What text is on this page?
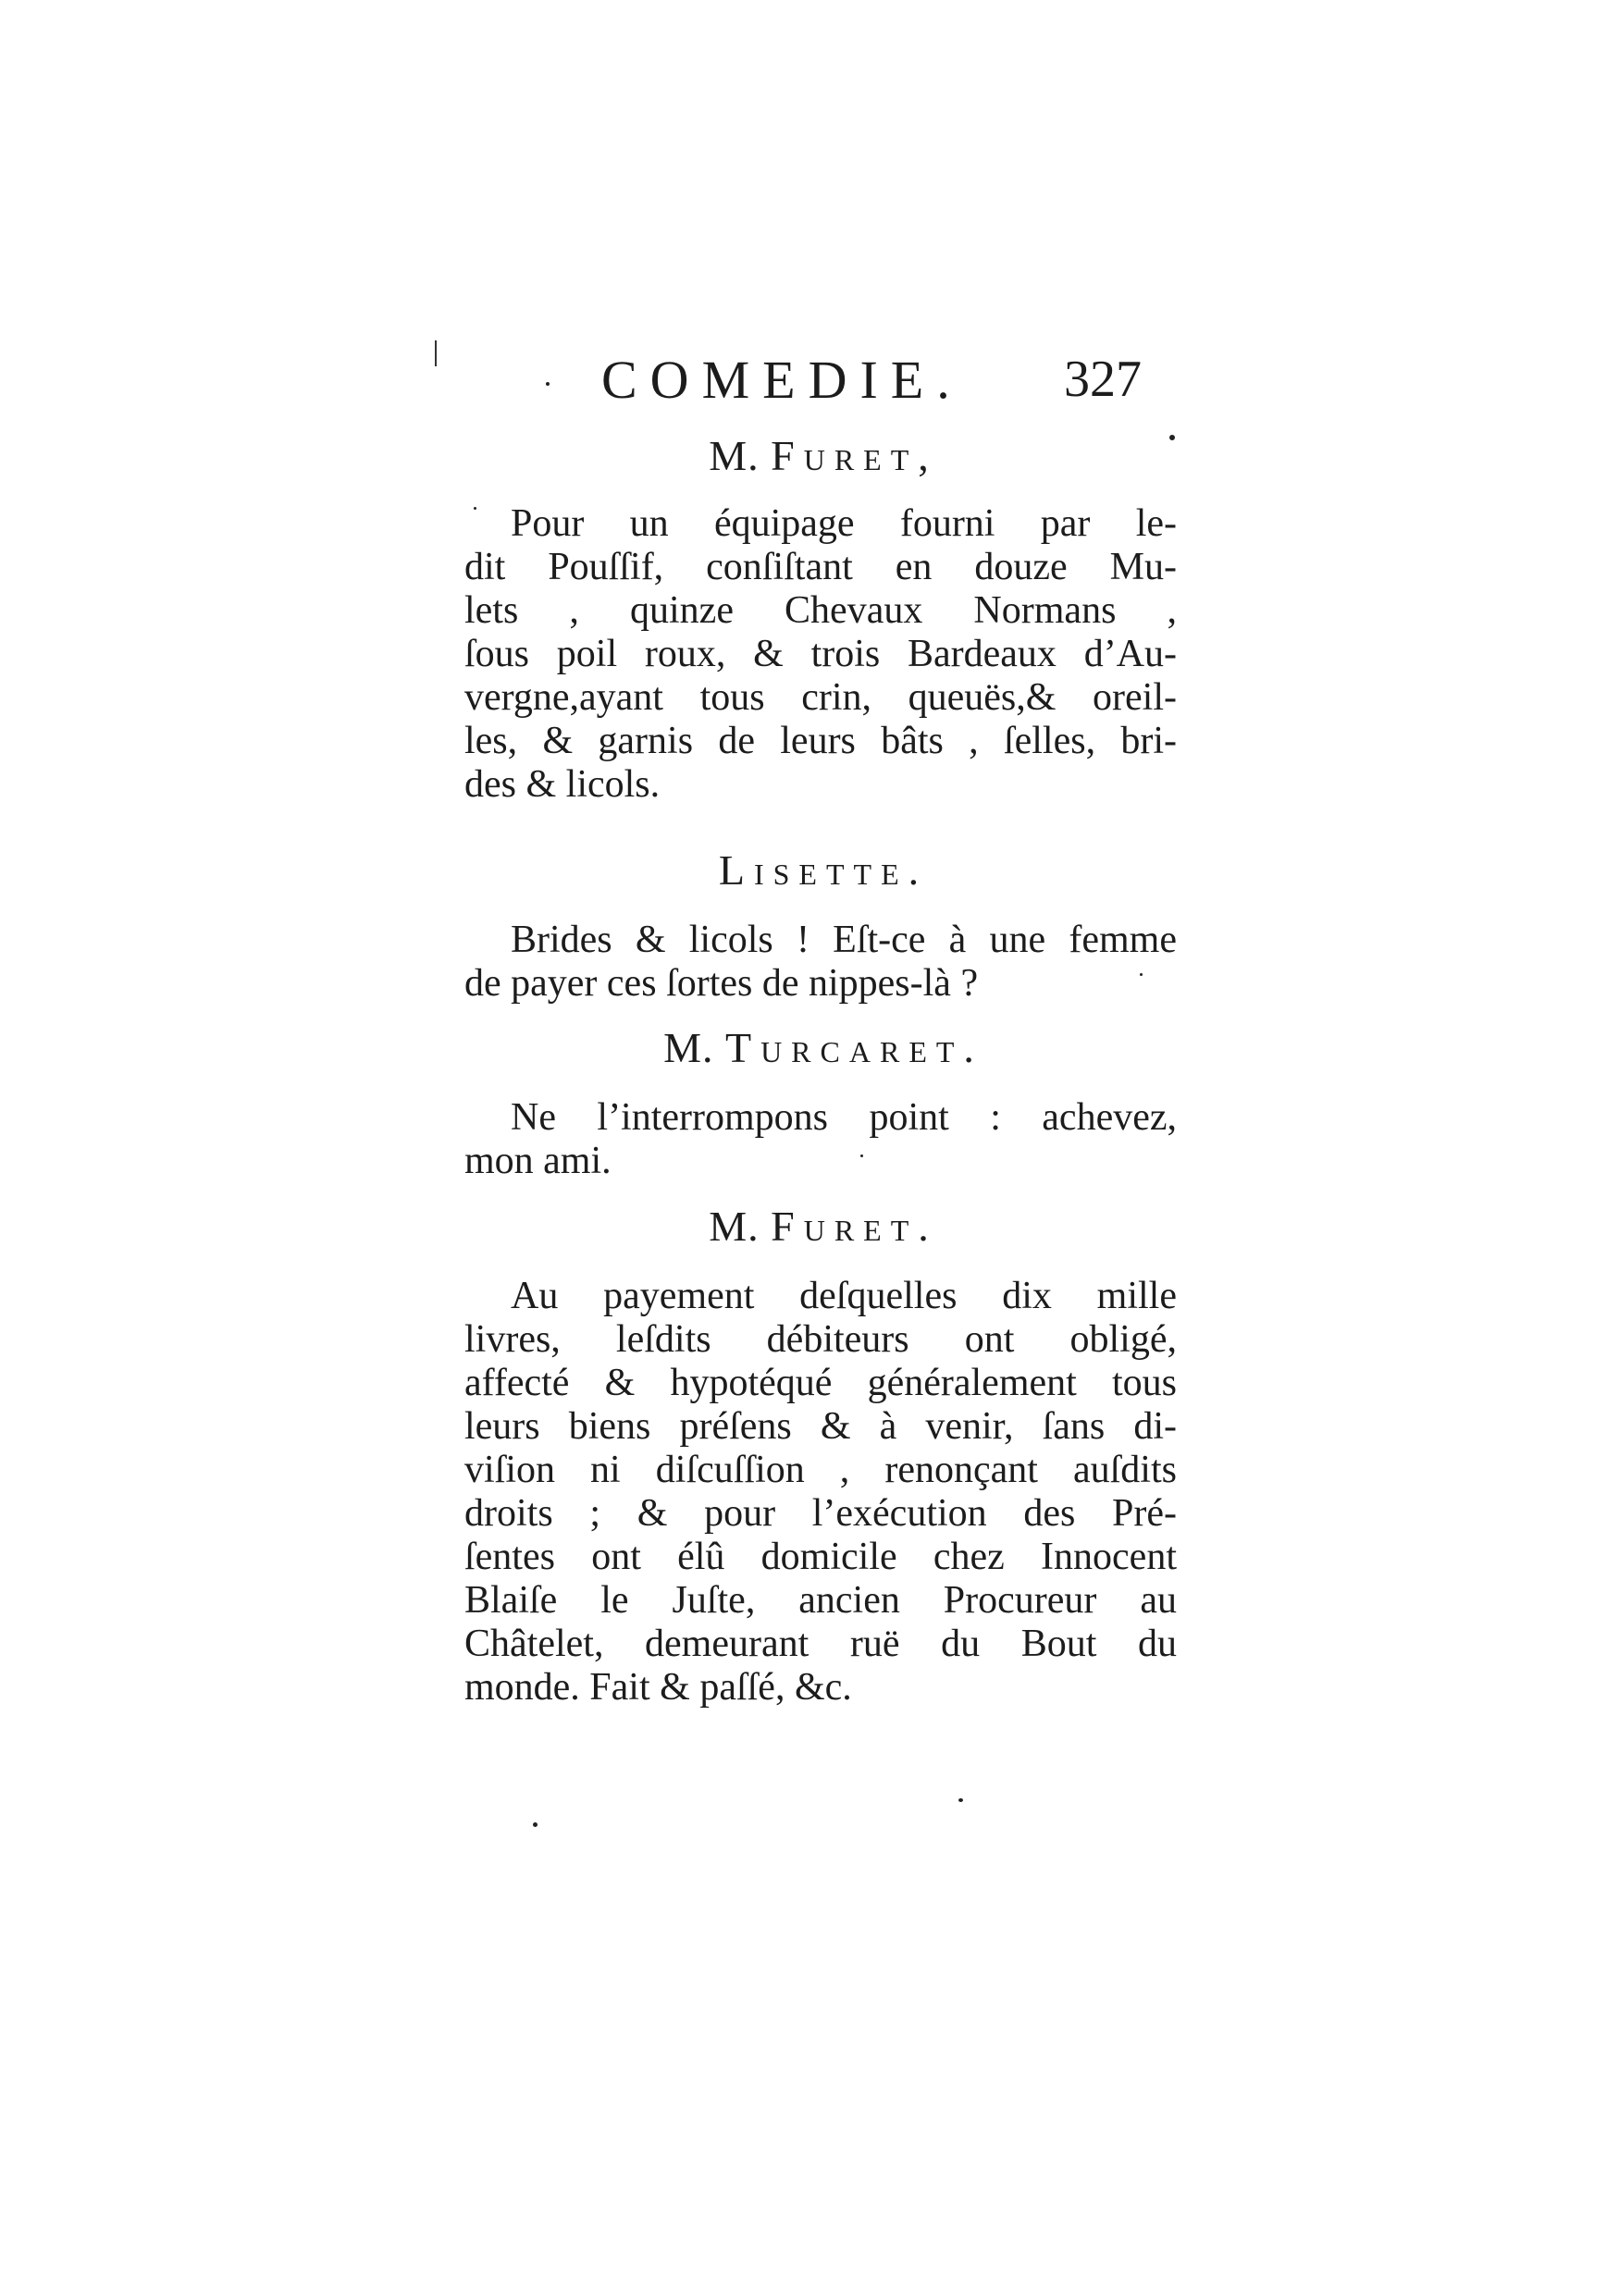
COMEDIE. 327
M. Furet,

Pour un équipage fourni par le-
dit Pouſſif, conſiſtant en douze Mu-
lets , quinze Chevaux Normans ,
ſous poil roux, & trois Bardeaux d’Au-
vergne,ayant tous crin, queuës,& oreil-
les, & garnis de leurs bâts , ſelles, bri-
des & licols.

Lisette.

Brides & licols ! Eſt-ce à une femme
de payer ces ſortes de nippes-là ?

M. Turcaret.

Ne l’interrompons point : achevez,
mon ami.

M. Furet.

Au payement deſquelles dix mille
livres, leſdits débiteurs ont obligé,
affecté & hypotéqué généralement tous
leurs biens préſens & à venir, ſans di-
viſion ni diſcuſſion , renonçant auſdits
droits ; & pour l’exécution des Pré-
ſentes ont élû domicile chez Innocent
Blaiſe le Juſte, ancien Procureur au
Châtelet, demeurant ruë du Bout du
monde. Fait & paſſé, &c.
